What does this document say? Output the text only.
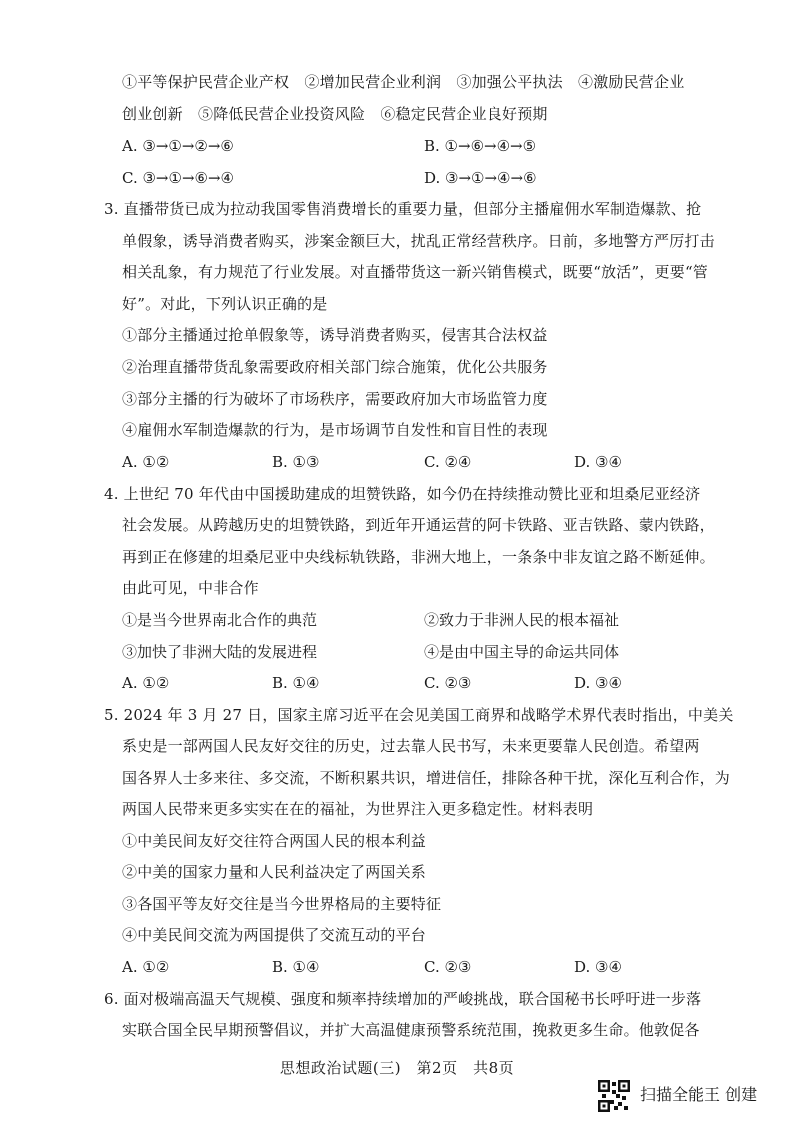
①平等保护民营企业产权　②增加民营企业利润　③加强公平执法　④激励民营企业
创业创新　⑤降低民营企业投资风险　⑥稳定民营企业良好预期
A. ③→①→②→⑥	B. ①→⑥→④→⑤
C. ③→①→⑥→④	D. ③→①→④→⑥
3. 直播带货已成为拉动我国零售消费增长的重要力量，但部分主播雇佣水军制造爆款、抢
单假象，诱导消费者购买，涉案金额巨大，扰乱正常经营秩序。日前，多地警方严厉打击
相关乱象，有力规范了行业发展。对直播带货这一新兴销售模式，既要“放活”，更要“管
好”。对此，下列认识正确的是
①部分主播通过抢单假象等，诱导消费者购买，侵害其合法权益
②治理直播带货乱象需要政府相关部门综合施策，优化公共服务
③部分主播的行为破坏了市场秩序，需要政府加大市场监管力度
④雇佣水军制造爆款的行为，是市场调节自发性和盲目性的表现
A. ①②	B. ①③	C. ②④	D. ③④
4. 上世纪 70 年代由中国援助建成的坦赞铁路，如今仍在持续推动赞比亚和坦桑尼亚经济
社会发展。从跨越历史的坦赞铁路，到近年开通运营的阿卡铁路、亚吉铁路、蒙内铁路，
再到正在修建的坦桑尼亚中央线标轨铁路，非洲大地上，一条条中非友谊之路不断延伸。
由此可见，中非合作
①是当今世界南北合作的典范	②致力于非洲人民的根本福祉
③加快了非洲大陆的发展进程	④是由中国主导的命运共同体
A. ①②	B. ①④	C. ②③	D. ③④
5. 2024 年 3 月 27 日，国家主席习近平在会见美国工商界和战略学术界代表时指出，中美关
系史是一部两国人民友好交往的历史，过去靠人民书写，未来更要靠人民创造。希望两
国各界人士多来往、多交流，不断积累共识，增进信任，排除各种干扰，深化互利合作，为
两国人民带来更多实实在在的福祉，为世界注入更多稳定性。材料表明
①中美民间友好交往符合两国人民的根本利益
②中美的国家力量和人民利益决定了两国关系
③各国平等友好交往是当今世界格局的主要特征
④中美民间交流为两国提供了交流互动的平台
A. ①②	B. ①④	C. ②③	D. ③④
6. 面对极端高温天气规模、强度和频率持续增加的严峻挑战，联合国秘书长呼吁进一步落
实联合国全民早期预警倡议，并扩大高温健康预警系统范围，挽救更多生命。他敦促各
思想政治试题(三)　第2页　共8页
扫描全能王 创建
